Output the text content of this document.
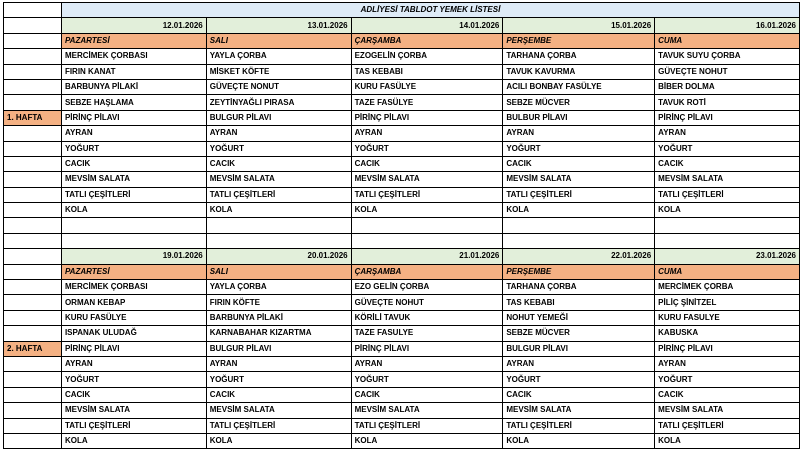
	ADLİYESİ TABLDOT YEMEK LİSTESİ				
	12.01.2026	13.01.2026	14.01.2026	15.01.2026	16.01.2026
	PAZARTESİ	SALI	ÇARŞAMBA	PERŞEMBE	CUMA
	MERCİMEK ÇORBASI	YAYLA ÇORBA	EZOGELİN ÇORBA	TARHANA ÇORBA	TAVUK SUYU ÇORBA
	FIRIN KANAT	MİSKET KÖFTE	TAS KEBABI	TAVUK KAVURMA	GÜVEÇTE NOHUT
	BARBUNYA PİLAKİ	GÜVEÇTE NONUT	KURU FASÜLYE	ACILI BONBAY FASÜLYE	BİBER DOLMA
	SEBZE HAŞLAMA	ZEYTİNYAĞLI PIRASA	TAZE FASÜLYE	SEBZE MÜCVER	TAVUK ROTİ
1. HAFTA	PİRİNÇ PİLAVI	BULGUR PİLAVI	PİRİNÇ PİLAVI	BULBUR PİLAVI	PİRİNÇ PİLAVI
	AYRAN	AYRAN	AYRAN	AYRAN	AYRAN
	YOĞURT	YOĞURT	YOĞURT	YOĞURT	YOĞURT
	CACIK	CACIK	CACIK	CACIK	CACIK
	MEVSİM SALATA	MEVSİM SALATA	MEVSİM SALATA	MEVSİM SALATA	MEVSİM SALATA
	TATLI ÇEŞİTLERİ	TATLI ÇEŞİTLERİ	TATLI ÇEŞİTLERİ	TATLI ÇEŞİTLERİ	TATLI ÇEŞİTLERİ
	KOLA	KOLA	KOLA	KOLA	KOLA

	19.01.2026	20.01.2026	21.01.2026	22.01.2026	23.01.2026
	PAZARTESİ	SALI	ÇARŞAMBA	PERŞEMBE	CUMA
	MERCİMEK ÇORBASI	YAYLA ÇORBA	EZO GELİN ÇORBA	TARHANA ÇORBA	MERCİMEK ÇORBA
	ORMAN KEBAP	FIRIN KÖFTE	GÜVEÇTE NOHUT	TAS KEBABI	PİLİÇ ŞİNİTZEL
	KURU FASÜLYE	BARBUNYA PİLAKİ	KÖRİLİ TAVUK	NOHUT YEMEĞİ	KURU FASULYE
	ISPANAK ULUDAĞ	KARNABAHAR KIZARTMA	TAZE FASULYE	SEBZE MÜCVER	KABUSKA
2. HAFTA	PİRİNÇ PİLAVI	BULGUR PİLAVI	PİRİNÇ PİLAVI	BULGUR PİLAVI	PİRİNÇ PİLAVI
	AYRAN	AYRAN	AYRAN	AYRAN	AYRAN
	YOĞURT	YOĞURT	YOĞURT	YOĞURT	YOĞURT
	CACIK	CACIK	CACIK	CACIK	CACIK
	MEVSİM SALATA	MEVSİM SALATA	MEVSİM SALATA	MEVSİM SALATA	MEVSİM SALATA
	TATLI ÇEŞİTLERİ	TATLI ÇEŞİTLERİ	TATLI ÇEŞİTLERİ	TATLI ÇEŞİTLERİ	TATLI ÇEŞİTLERİ
	KOLA	KOLA	KOLA	KOLA	KOLA
